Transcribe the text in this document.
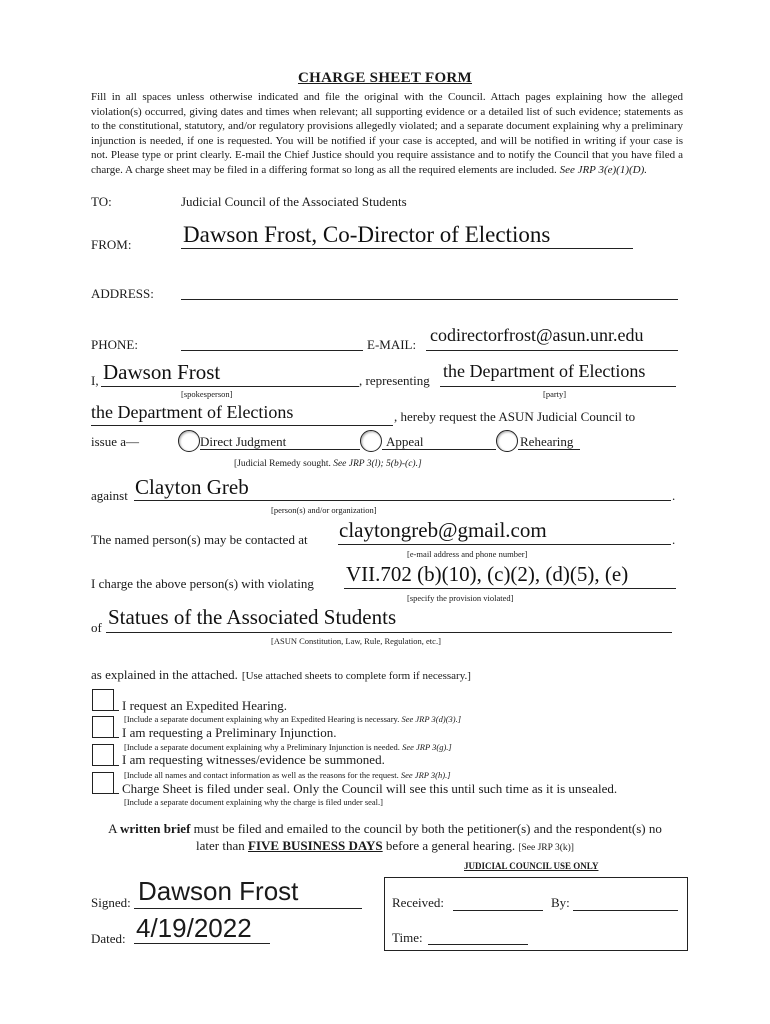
CHARGE SHEET FORM
Fill in all spaces unless otherwise indicated and file the original with the Council. Attach pages explaining how the alleged violation(s) occurred, giving dates and times when relevant; all supporting evidence or a detailed list of such evidence; statements as to the constitutional, statutory, and/or regulatory provisions allegedly violated; and a separate document explaining why a preliminary injunction is needed, if one is requested. You will be notified if your case is accepted, and will be notified in writing if your case is not. Please type or print clearly. E-mail the Chief Justice should you require assistance and to notify the Council that you have filed a charge. A charge sheet may be filed in a differing format so long as all the required elements are included. See JRP 3(e)(1)(D).
TO:	Judicial Council of the Associated Students
FROM: Dawson Frost, Co-Director of Elections
ADDRESS:
PHONE:	E-MAIL: codirectorfrost@asun.unr.edu
I, Dawson Frost
[spokesperson]
, representing the Department of Elections
[party]
the Department of Elections	, hereby request the ASUN Judicial Council to
issue a—	Direct Judgment	Appeal	Rehearing
[Judicial Remedy sought. See JRP 3(l); 5(b)-(c).]
against Clayton Greb	.
[person(s) and/or organization]
The named person(s) may be contacted at claytongreb@gmail.com	.
[e-mail address and phone number]
I charge the above person(s) with violating VII.702 (b)(10), (c)(2), (d)(5), (e)
[specify the provision violated]
of Statues of the Associated Students
[ASUN Constitution, Law, Rule, Regulation, etc.]
as explained in the attached. [Use attached sheets to complete form if necessary.]
I request an Expedited Hearing.
[Include a separate document explaining why an Expedited Hearing is necessary. See JRP 3(d)(3).]
I am requesting a Preliminary Injunction.
[Include a separate document explaining why a Preliminary Injunction is needed. See JRP 3(g).]
I am requesting witnesses/evidence be summoned.
[Include all names and contact information as well as the reasons for the request. See JRP 3(h).]
Charge Sheet is filed under seal. Only the Council will see this until such time as it is unsealed.
[Include a separate document explaining why the charge is filed under seal.]
A written brief must be filed and emailed to the council by both the petitioner(s) and the respondent(s) no later than FIVE BUSINESS DAYS before a general hearing. [See JRP 3(k)]
Signed: Dawson Frost
Dated: 4/19/2022
JUDICIAL COUNCIL USE ONLY
Received:	By:
Time:
